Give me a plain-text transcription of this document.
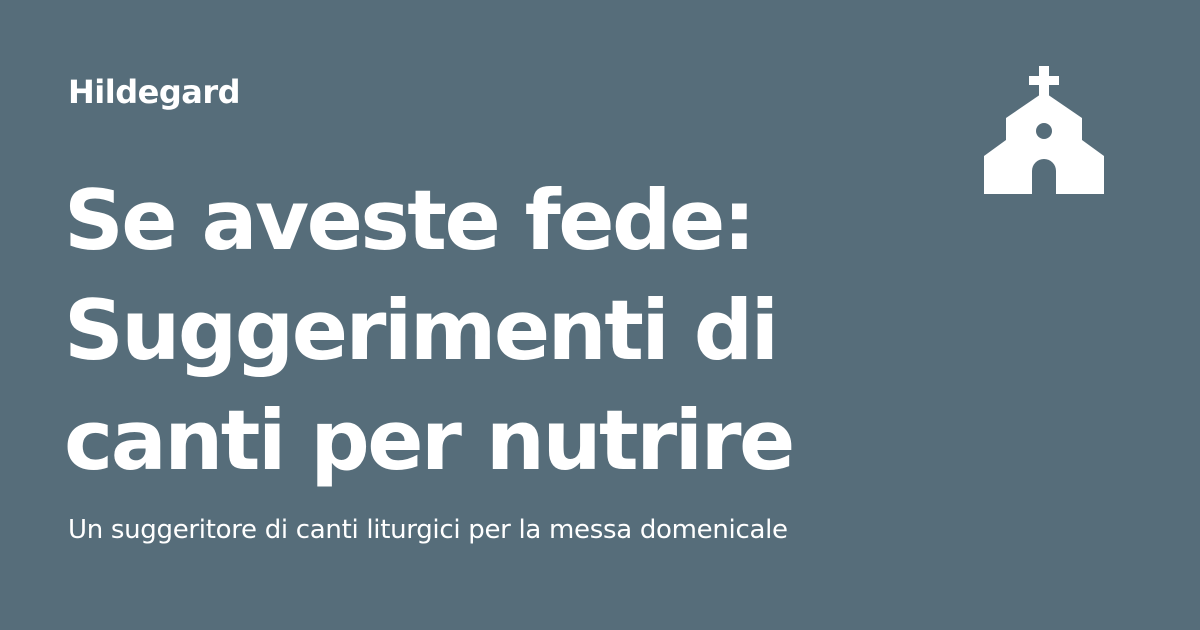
Hildegard
Se aveste fede:
Suggerimenti di
canti per nutrire
Un suggeritore di canti liturgici per la messa domenicale
